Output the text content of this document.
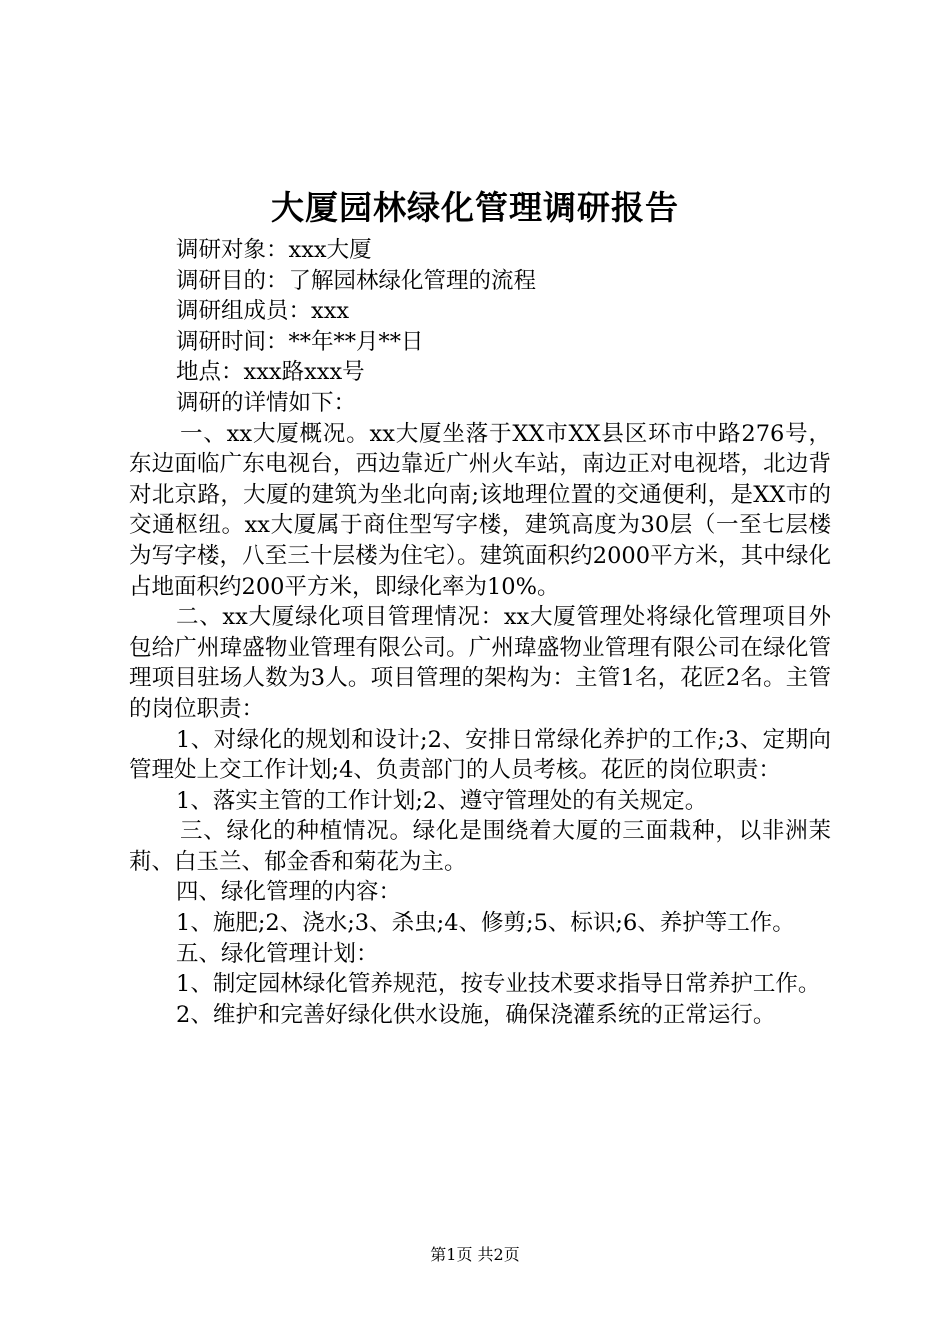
大厦园林绿化管理调研报告

调研对象：xxx大厦

调研目的：了解园林绿化管理的流程

调研组成员：xxx

调研时间：**年**月**日

地点：xxx路xxx号

调研的详情如下：

一、xx大厦概况。xx大厦坐落于XX市XX县区环市中路276号，东边面临广东电视台，西边靠近广州火车站，南边正对电视塔，北边背对北京路，大厦的建筑为坐北向南;该地理位置的交通便利，是XX市的交通枢纽。xx大厦属于商住型写字楼，建筑高度为30层（一至七层楼为写字楼，八至三十层楼为住宅）。建筑面积约2000平方米，其中绿化占地面积约200平方米，即绿化率为10%。

二、xx大厦绿化项目管理情况：xx大厦管理处将绿化管理项目外包给广州瑋盛物业管理有限公司。广州瑋盛物业管理有限公司在绿化管理项目驻场人数为3人。项目管理的架构为：主管1名，花匠2名。主管的岗位职责：

1、对绿化的规划和设计;2、安排日常绿化养护的工作;3、定期向管理处上交工作计划;4、负责部门的人员考核。花匠的岗位职责：

1、落实主管的工作计划;2、遵守管理处的有关规定。

三、绿化的种植情况。绿化是围绕着大厦的三面栽种，以非洲茉莉、白玉兰、郁金香和菊花为主。

四、绿化管理的内容：

1、施肥;2、浇水;3、杀虫;4、修剪;5、标识;6、养护等工作。

五、绿化管理计划：

1、制定园林绿化管养规范，按专业技术要求指导日常养护工作。

2、维护和完善好绿化供水设施，确保浇灌系统的正常运行。

第1页 共2页
